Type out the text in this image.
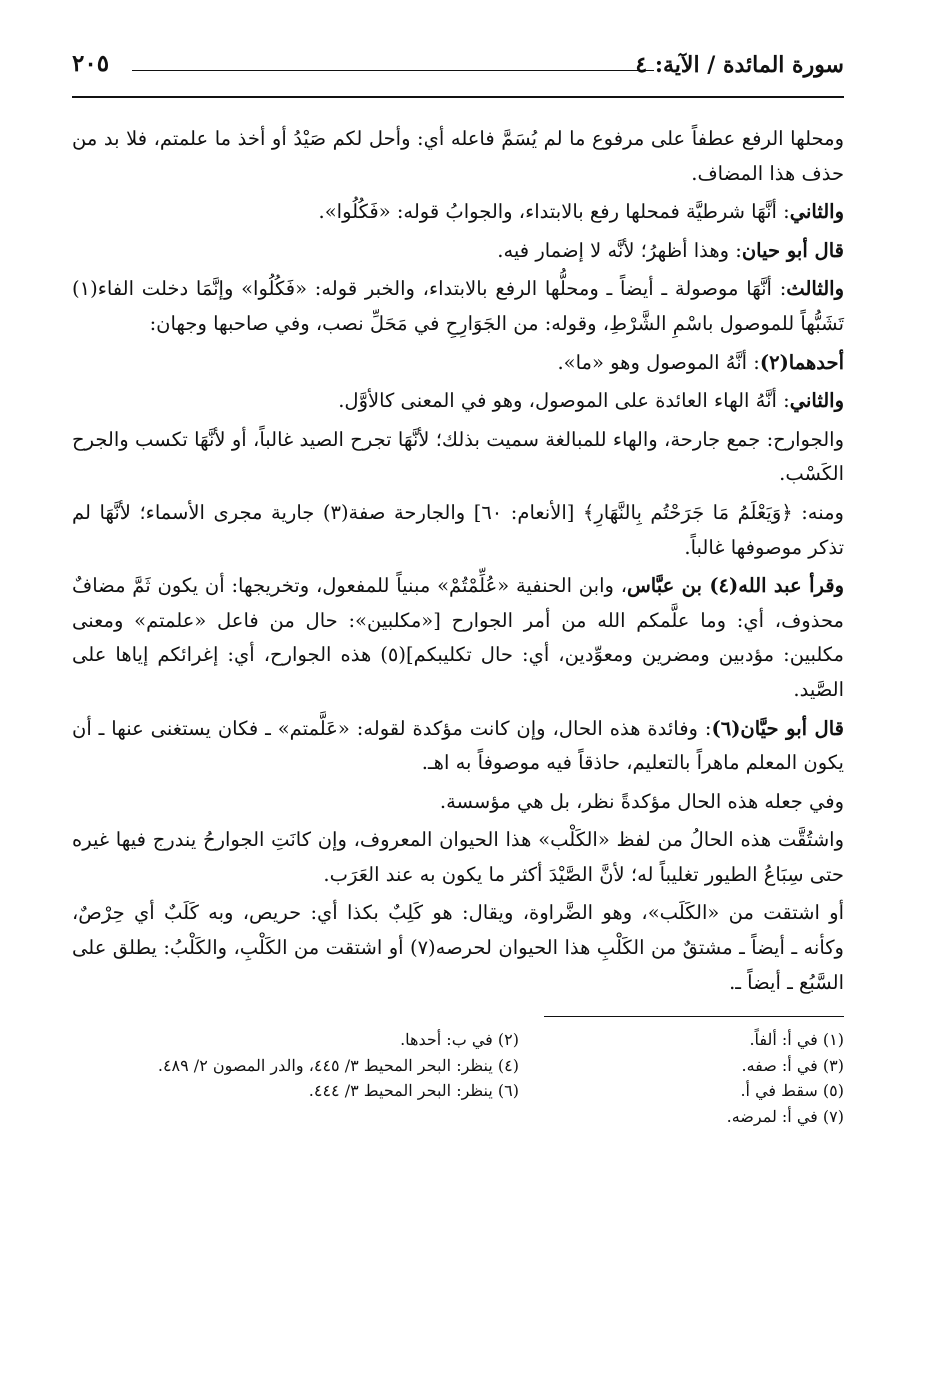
سورة المائدة / الآية: ٤
٢٠٥

ومحلها الرفع عطفاً على مرفوع ما لم يُسَمَّ فاعله أي: وأحل لكم صَيْدُ أو أخذ ما علمتم، فلا بد من حذف هذا المضاف.

والثاني: أنَّهَا شرطيَّة فمحلها رفع بالابتداء، والجوابُ قوله: «فَكُلُوا».

قال أبو حيان: وهذا أظهرُ؛ لأنَّه لا إضمار فيه.

والثالث: أنَّهَا موصولة ـ أيضاً ـ ومحلُّها الرفع بالابتداء، والخبر قوله: «فَكُلُوا» وإنَّمَا دخلت الفاء(١) تَشَبُّهاً للموصول باسْمِ الشَّرْطِ، وقوله: من الجَوَارِحِ في مَحَلِّ نصب، وفي صاحبها وجهان:

أحدهما(٢): أنَّهُ الموصول وهو «ما».

والثاني: أنَّهُ الهاء العائدة على الموصول، وهو في المعنى كالأوَّل.

والجوارح: جمع جارحة، والهاء للمبالغة سميت بذلك؛ لأنَّهَا تجرح الصيد غالباً، أو لأنَّهَا تكسب والجرح الكَسْب.

ومنه: ﴿وَيَعْلَمُ مَا جَرَحْتُم بِالنَّهَارِ﴾ [الأنعام: ٦٠] والجارحة صفة(٣) جارية مجرى الأسماء؛ لأنَّهَا لم تذكر موصوفها غالباً.

وقرأ عبد الله(٤) بن عبَّاس، وابن الحنفية «عُلِّمْتُمْ» مبنياً للمفعول، وتخريجها: أن يكون ثَمَّ مضافٌ محذوف، أي: وما علَّمكم الله من أمر الجوارح [«مكلبين»: حال من فاعل «علمتم» ومعنى مكلبين: مؤدبين ومضرين ومعوِّدين، أي: حال تكليبكم](٥) هذه الجوارح، أي: إغرائكم إياها على الصَّيد.

قال أبو حيَّان(٦): وفائدة هذه الحال، وإن كانت مؤكدة لقوله: «عَلَّمتم» ـ فكان يستغنى عنها ـ أن يكون المعلم ماهراً بالتعليم، حاذقاً فيه موصوفاً به اهـ.

وفي جعله هذه الحال مؤكدةً نظر، بل هي مؤسسة.

واشتُقَّت هذه الحالُ من لفظ «الكَلْب» هذا الحيوان المعروف، وإن كانَتِ الجوارحُ يندرج فيها غيره حتى سِبَاعُ الطيور تغليباً له؛ لأنَّ الصَّيْدَ أكثر ما يكون به عند العَرَب.

أو اشتقت من «الكَلَب»، وهو الضَّراوة، ويقال: هو كَلِبٌ بكذا أي: حريص، وبه كَلَبٌ أي حِرْصٌ، وكأنه ـ أيضاً ـ مشتقٌ من الكَلْبِ هذا الحيوان لحرصه(٧) أو اشتقت من الكَلْبِ، والكَلْبُ: يطلق على السَّبُع ـ أيضاً ـ.

(١) في أ: ألفاً.
(٢) في ب: أحدها.
(٣) في أ: صفه.
(٤) ينظر: البحر المحيط ٣/ ٤٤٥، والدر المصون ٢/ ٤٨٩.
(٥) سقط في أ.
(٦) ينظر: البحر المحيط ٣/ ٤٤٤.
(٧) في أ: لمرضه.
